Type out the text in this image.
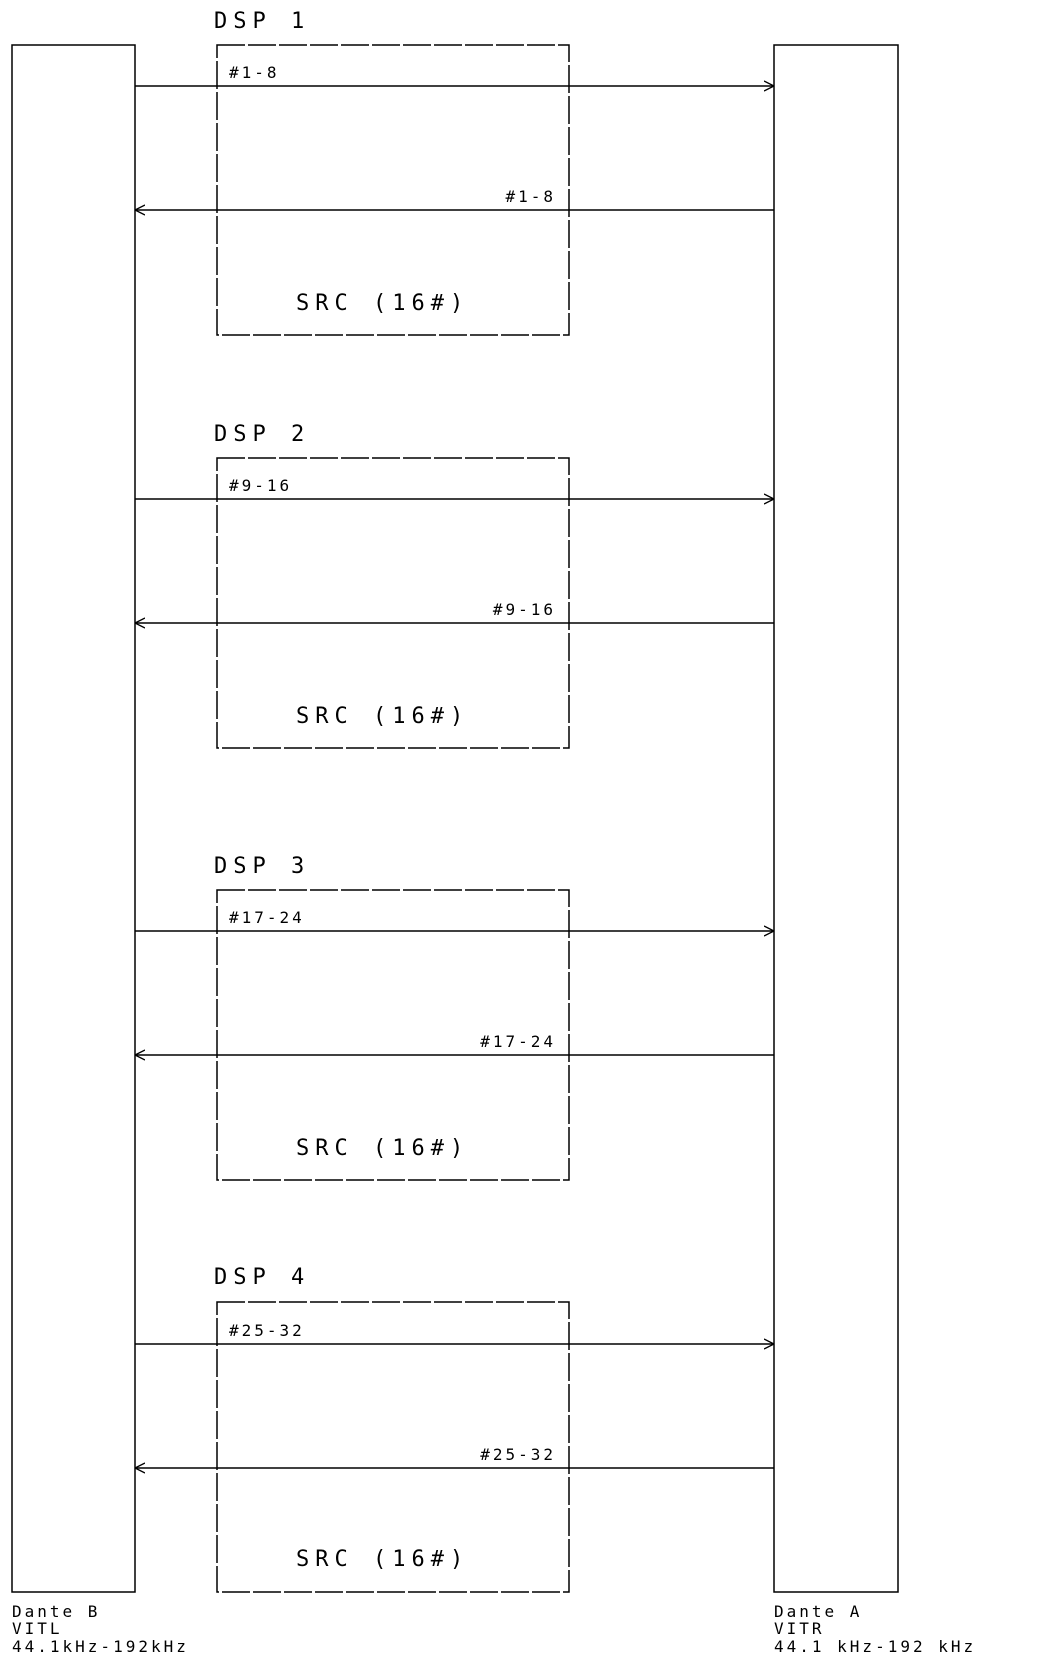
Dante B
VITL
44.1kHz-192kHz
Dante A
VITR
44.1 kHz-192 kHz
DSP 1
#1-8
#1-8
SRC (16#)
DSP 2
#9-16
#9-16
SRC (16#)
DSP 3
#17-24
#17-24
SRC (16#)
DSP 4
#25-32
#25-32
SRC (16#)
